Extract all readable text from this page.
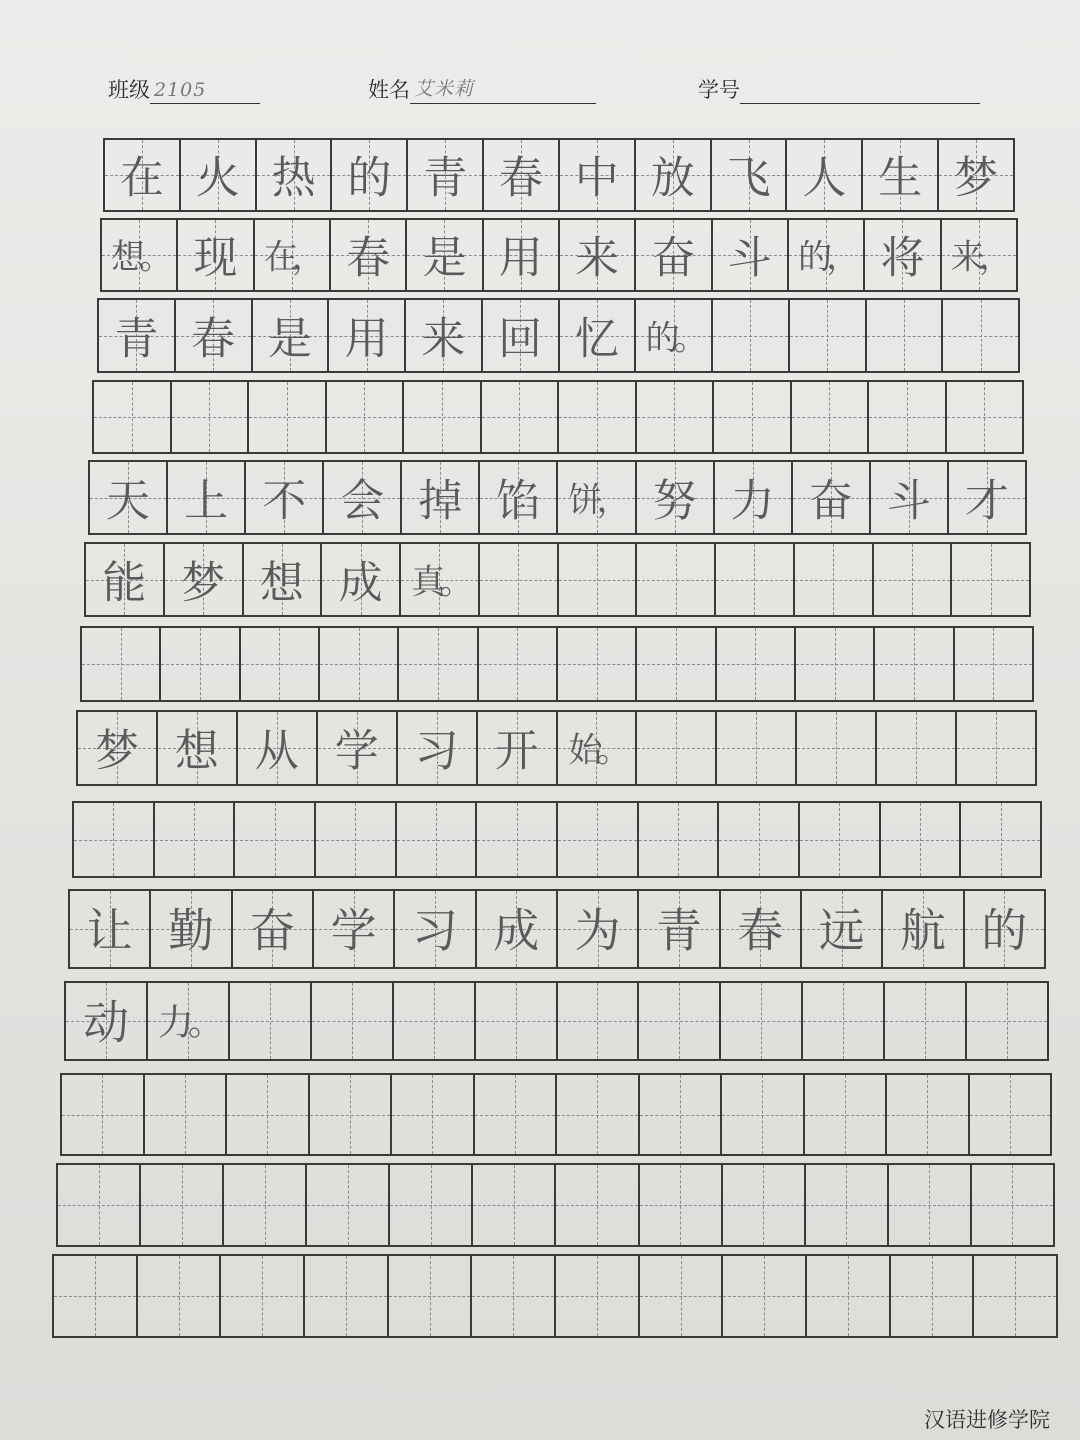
班级 2105	姓名 艾米莉	学号
在 火 热 的 青 春 中 放 飞 人 生 梦
想。 现 在， 春 是 用 来 奋 斗 的， 将 来，
青 春 是 用 来 回 忆 的。
天 上 不 会 掉 馅 饼， 努 力 奋 斗 才
能 梦 想 成 真。
梦 想 从 学 习 开 始。
让 勤 奋 学 习 成 为 青 春 远 航 的
动 力。
汉语进修学院
